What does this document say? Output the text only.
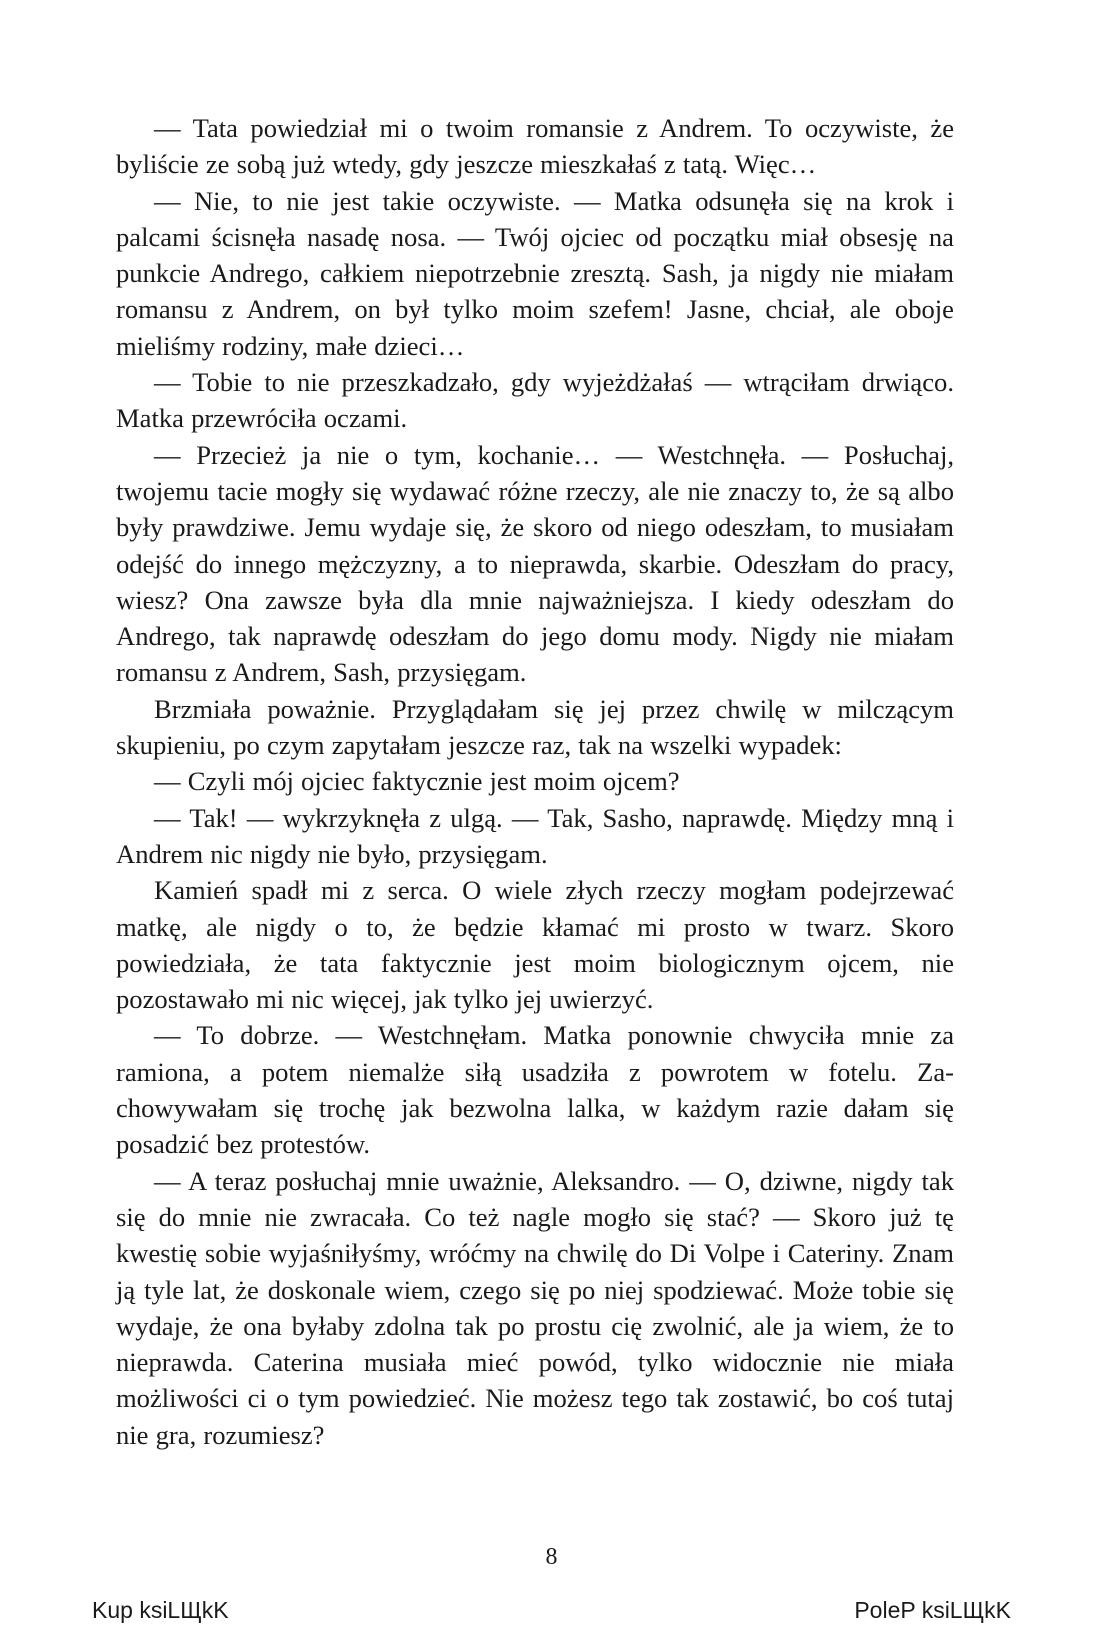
— Tata powiedział mi o twoim romansie z Andrem. To oczywiste, że byliście ze sobą już wtedy, gdy jeszcze mieszkałaś z tatą. Więc…

— Nie, to nie jest takie oczywiste. — Matka odsunęła się na krok i palcami ścisnęła nasadę nosa. — Twój ojciec od początku miał obsesję na punkcie Andrego, całkiem niepotrzebnie zresztą. Sash, ja nigdy nie miałam romansu z Andrem, on był tylko moim szefem! Jasne, chciał, ale oboje mieliśmy rodziny, małe dzieci…

— Tobie to nie przeszkadzało, gdy wyjeżdżałaś — wtrąciłam drwiąco. Matka przewróciła oczami.

— Przecież ja nie o tym, kochanie… — Westchnęła. — Posłuchaj, twojemu tacie mogły się wydawać różne rzeczy, ale nie znaczy to, że są albo były prawdziwe. Jemu wydaje się, że skoro od niego odeszłam, to musiałam odejść do innego mężczyzny, a to nieprawda, skarbie. Odeszłam do pracy, wiesz? Ona zawsze była dla mnie najważniejsza. I kiedy odeszłam do Andrego, tak naprawdę odeszłam do jego domu mody. Nigdy nie miałam romansu z Andrem, Sash, przysięgam.

Brzmiała poważnie. Przyglądałam się jej przez chwilę w milczącym skupieniu, po czym zapytałam jeszcze raz, tak na wszelki wypadek:

— Czyli mój ojciec faktycznie jest moim ojcem?

— Tak! — wykrzyknęła z ulgą. — Tak, Sasho, naprawdę. Między mną i Andrem nic nigdy nie było, przysięgam.

Kamień spadł mi z serca. O wiele złych rzeczy mogłam podejrzewać matkę, ale nigdy o to, że będzie kłamać mi prosto w twarz. Skoro powiedziała, że tata faktycznie jest moim biologicznym ojcem, nie pozostawało mi nic więcej, jak tylko jej uwierzyć.

— To dobrze. — Westchnęłam. Matka ponownie chwyciła mnie za ramiona, a potem niemalże siłą usadziła z powrotem w fotelu. Zachowywałam się trochę jak bezwolna lalka, w każdym razie dałam się posadzić bez protestów.

— A teraz posłuchaj mnie uważnie, Aleksandro. — O, dziwne, nigdy tak się do mnie nie zwracała. Co też nagle mogło się stać? — Skoro już tę kwestię sobie wyjaśniłyśmy, wróćmy na chwilę do Di Volpe i Cateriny. Znam ją tyle lat, że doskonale wiem, czego się po niej spodziewać. Może tobie się wydaje, że ona byłaby zdolna tak po prostu cię zwolnić, ale ja wiem, że to nieprawda. Caterina musiała mieć powód, tylko widocznie nie miała możliwości ci o tym powiedzieć. Nie możesz tego tak zostawić, bo coś tutaj nie gra, rozumiesz?

8
Kup ksiLЩkK	PoleP ksiLЩkK
